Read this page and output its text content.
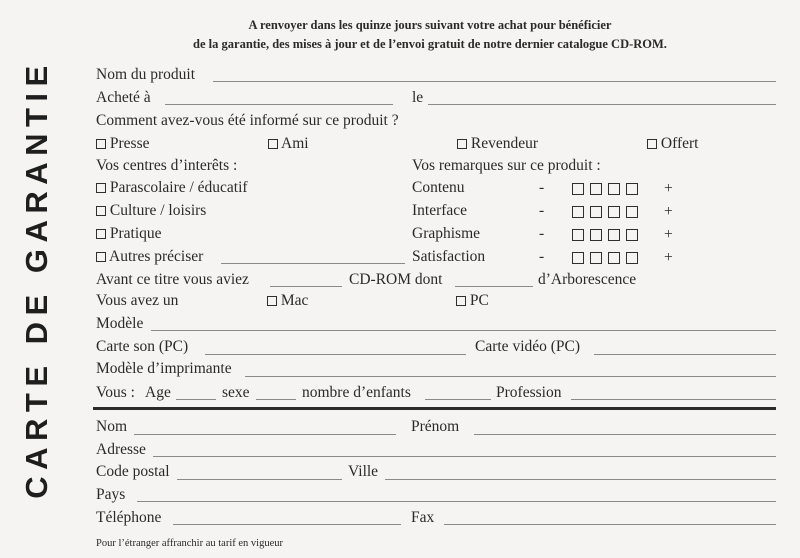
CARTE DE GARANTIE
A renvoyer dans les quinze jours suivant votre achat pour bénéficier
de la garantie, des mises à jour et de l’envoi gratuit de notre dernier catalogue CD-ROM.
Nom du produit
Acheté à	le
Comment avez-vous été informé sur ce produit ?
Presse	Ami	Revendeur	Offert
Vos centres d’interêts :
Parascolaire / éducatif
Culture / loisirs
Pratique
Autres préciser
Vos remarques sur ce produit :
Contenu	-	+
Interface	-	+
Graphisme	-	+
Satisfaction	-	+
Avant ce titre vous aviez	CD-ROM dont	d’Arborescence
Vous avez un	Mac	PC
Modèle
Carte son (PC)	Carte vidéo (PC)
Modèle d’imprimante
Vous : Age	sexe	nombre d’enfants	Profession
Nom	Prénom
Adresse
Code postal	Ville
Pays
Téléphone	Fax
Pour l’étranger affranchir au tarif en vigueur
